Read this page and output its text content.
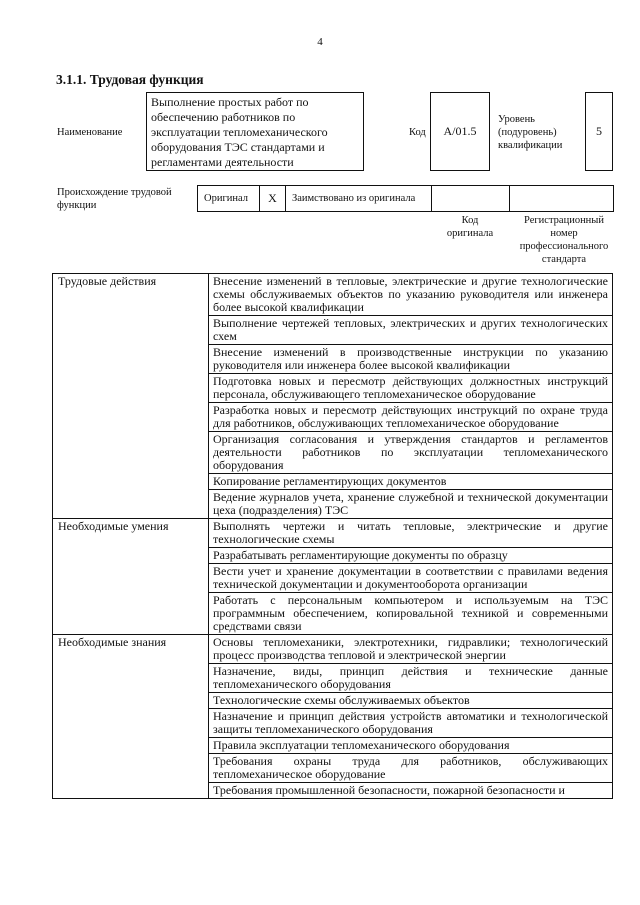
4
3.1.1. Трудовая функция
Наименование
Выполнение простых работ по обеспечению работников по эксплуатации тепломеханического оборудования ТЭС стандартами и регламентами деятельности
Код A/01.5
Уровень (подуровень) квалификации
5
Происхождение трудовой функции
Оригинал	X	Заимствовано из оригинала		
Код оригинала
Регистрационный номер профессионального стандарта
Трудовые действия	Внесение изменений в тепловые, электрические и другие технологические схемы обслуживаемых объектов по указанию руководителя или инженера более высокой квалификации
	Выполнение чертежей тепловых, электрических и других технологических схем
	Внесение изменений в производственные инструкции по указанию руководителя или инженера более высокой квалификации
	Подготовка новых и пересмотр действующих должностных инструкций персонала, обслуживающего тепломеханическое оборудование
	Разработка новых и пересмотр действующих инструкций по охране труда для работников, обслуживающих тепломеханическое оборудование
	Организация согласования и утверждения стандартов и регламентов деятельности работников по эксплуатации тепломеханического оборудования
	Копирование регламентирующих документов
	Ведение журналов учета, хранение служебной и технической документации цеха (подразделения) ТЭС
Необходимые умения	Выполнять чертежи и читать тепловые, электрические и другие технологические схемы
	Разрабатывать регламентирующие документы по образцу
	Вести учет и хранение документации в соответствии с правилами ведения технической документации и документооборота организации
	Работать с персональным компьютером и используемым на ТЭС программным обеспечением, копировальной техникой и современными средствами связи
Необходимые знания	Основы тепломеханики, электротехники, гидравлики; технологический процесс производства тепловой и электрической энергии
	Назначение, виды, принцип действия и технические данные тепломеханического оборудования
	Технологические схемы обслуживаемых объектов
	Назначение и принцип действия устройств автоматики и технологической защиты тепломеханического оборудования
	Правила эксплуатации тепломеханического оборудования
	Требования охраны труда для работников, обслуживающих тепломеханическое оборудование
	Требования промышленной безопасности, пожарной безопасности и
